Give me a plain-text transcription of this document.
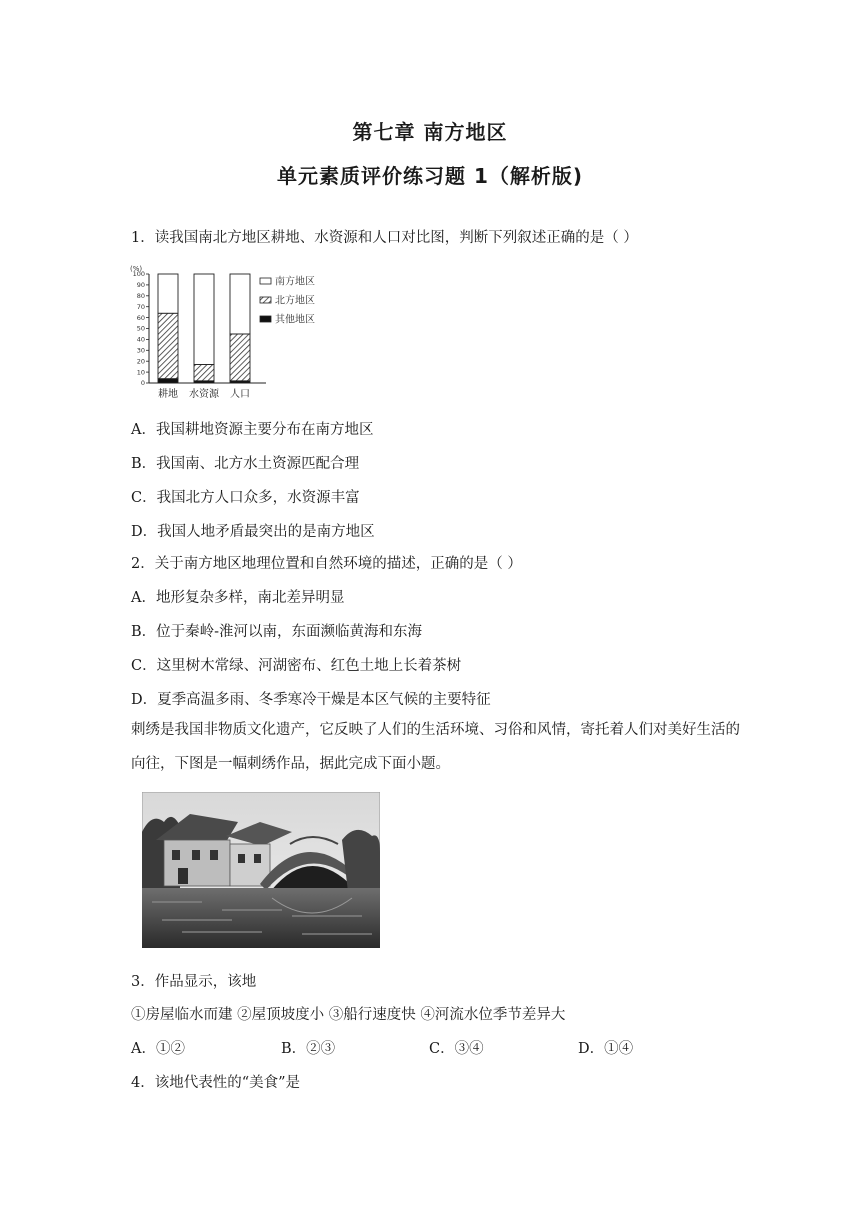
第七章 南方地区
单元素质评价练习题 1（解析版)
1．读我国南北方地区耕地、水资源和人口对比图，判断下列叙述正确的是（ ）
(%)
100
90
80
70
60
50
40
30
20
10
0
耕地 水资源 人口
南方地区
北方地区
其他地区
A．我国耕地资源主要分布在南方地区
B．我国南、北方水土资源匹配合理
C．我国北方人口众多，水资源丰富
D．我国人地矛盾最突出的是南方地区
2．关于南方地区地理位置和自然环境的描述，正确的是（ ）
A．地形复杂多样，南北差异明显
B．位于秦岭-淮河以南，东面濒临黄海和东海
C．这里树木常绿、河湖密布、红色土地上长着茶树
D．夏季高温多雨、冬季寒冷干燥是本区气候的主要特征
刺绣是我国非物质文化遗产，它反映了人们的生活环境、习俗和风情，寄托着人们对美好生活的向往，下图是一幅刺绣作品，据此完成下面小题。
3．作品显示，该地
①房屋临水而建 ②屋顶坡度小 ③船行速度快 ④河流水位季节差异大
A．①②	B．②③	C．③④	D．①④
4．该地代表性的“美食”是
